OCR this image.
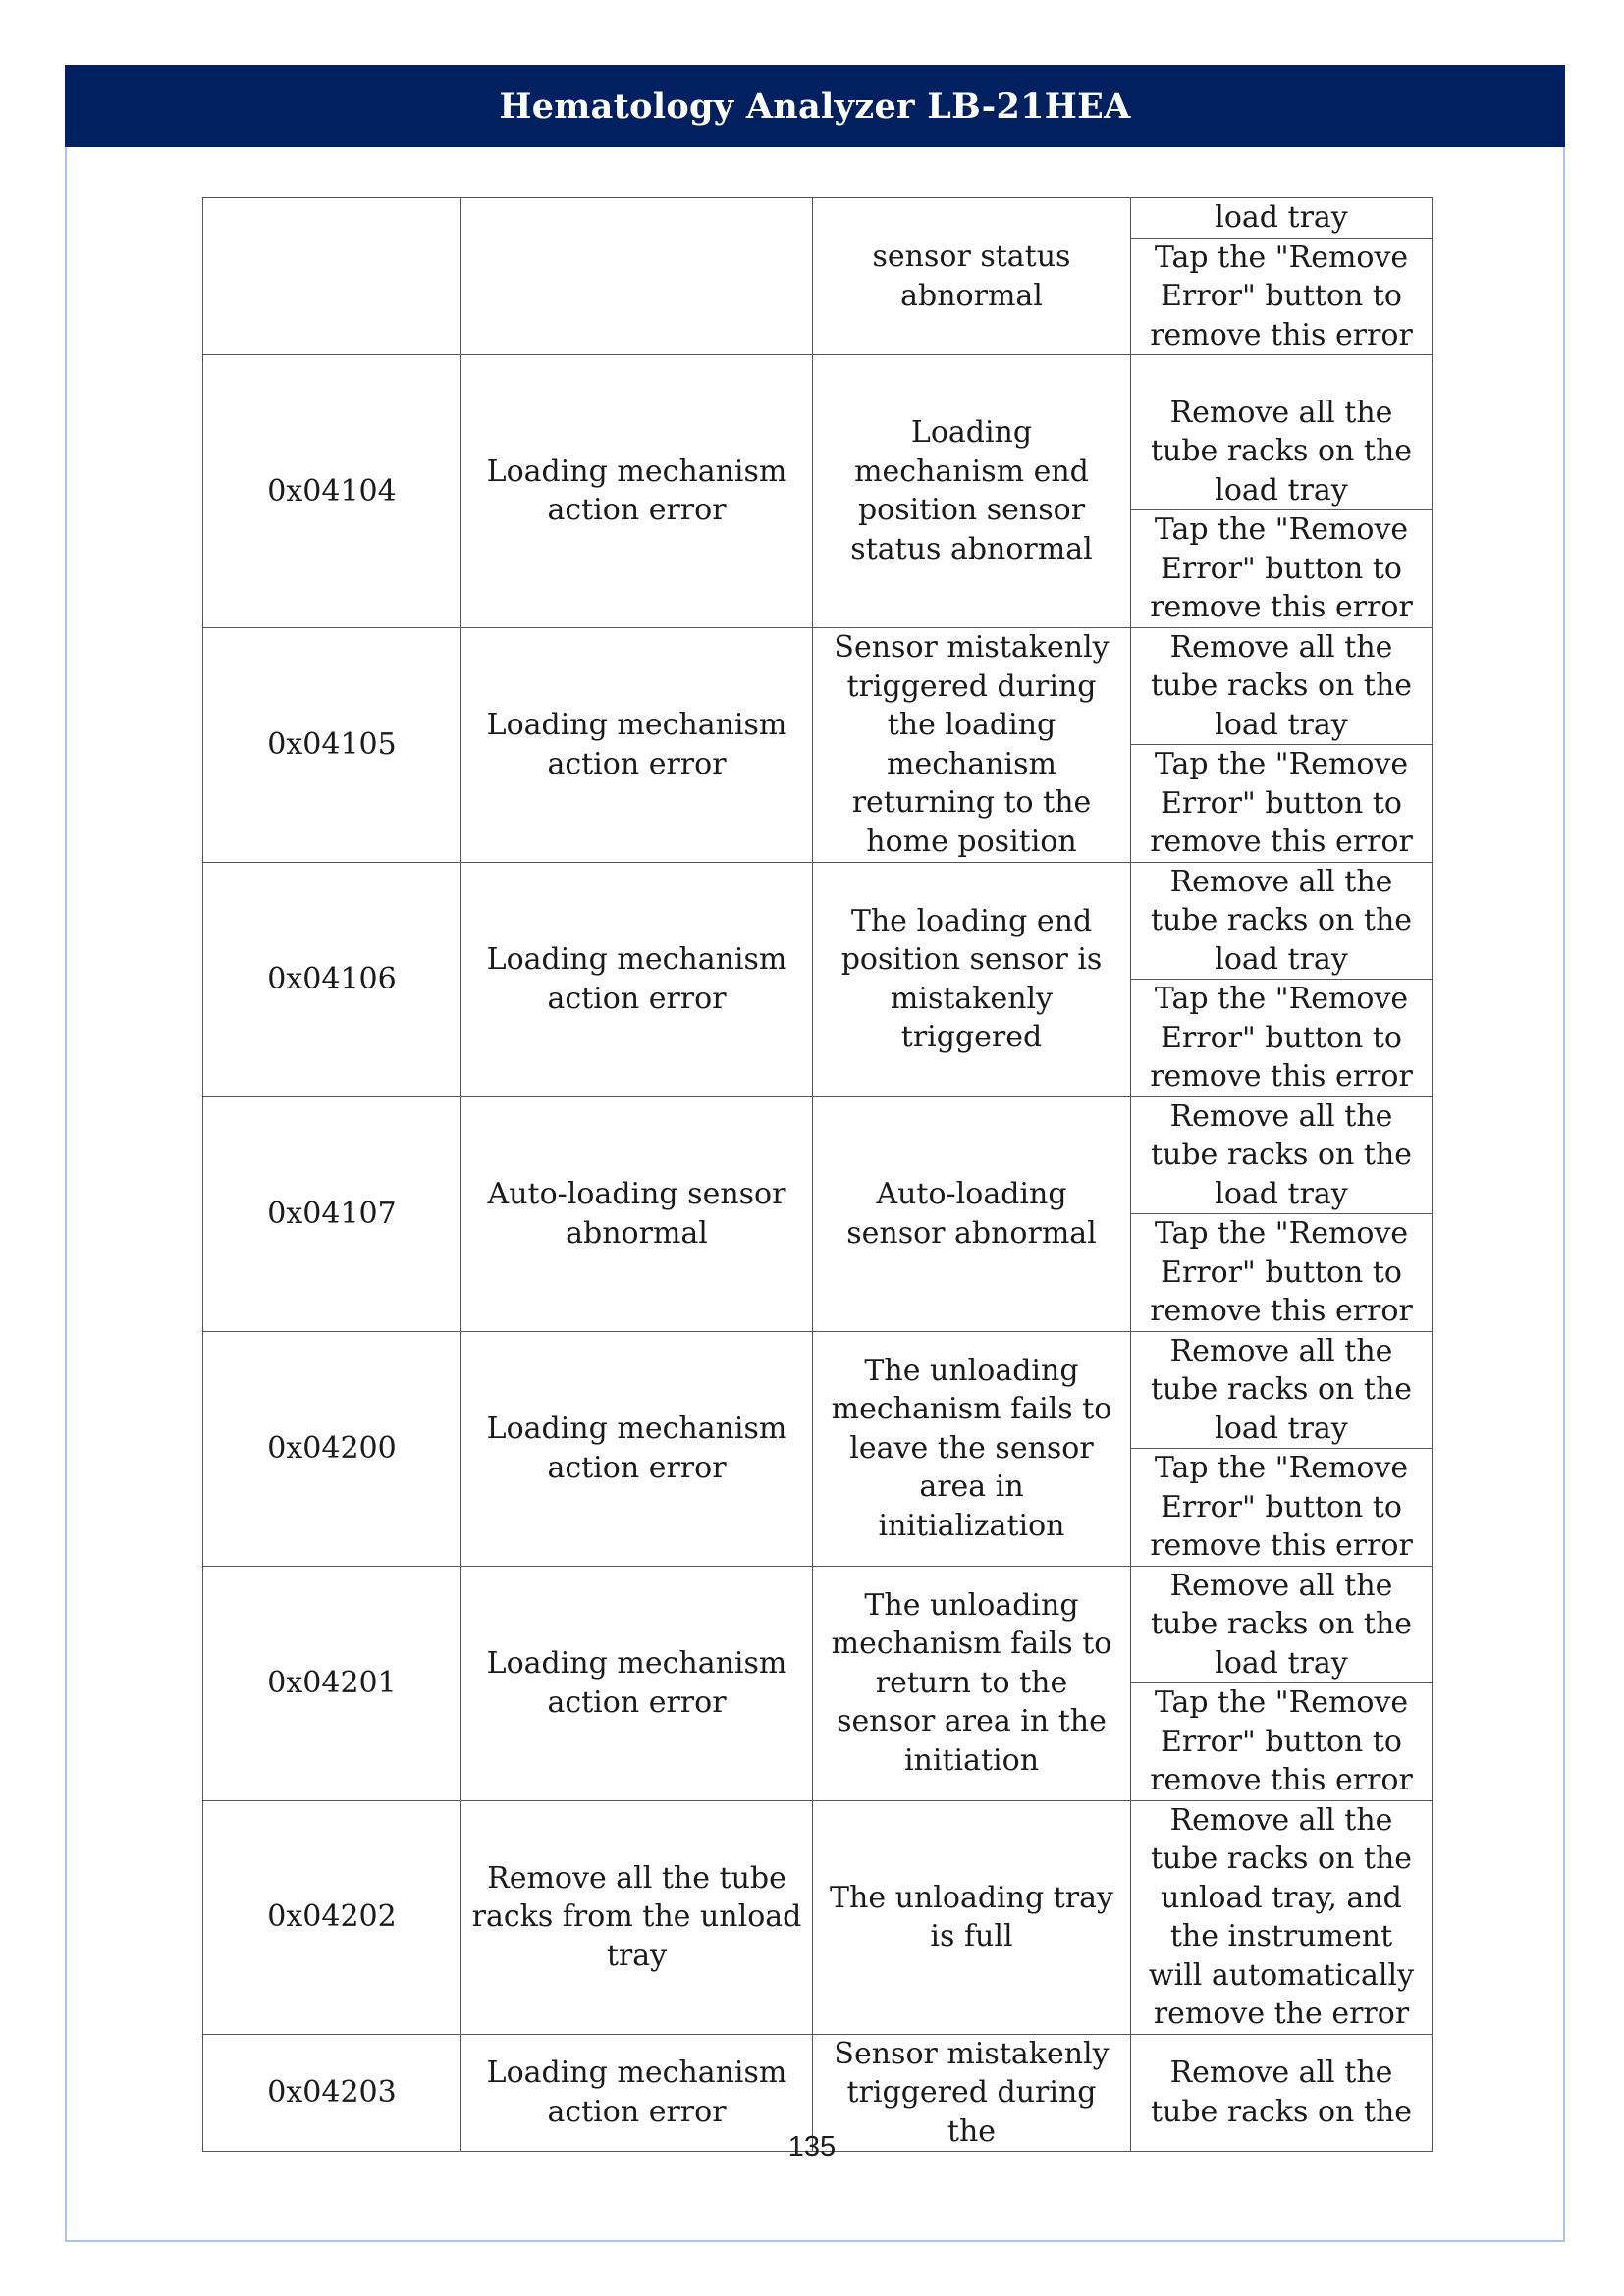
Hematology Analyzer LB-21HEA
		sensor status abnormal	load tray
			Tap the "Remove Error" button to remove this error
0x04104	Loading mechanism action error	Loading mechanism end position sensor status abnormal	Remove all the tube racks on the load tray
			Tap the "Remove Error" button to remove this error
0x04105	Loading mechanism action error	Sensor mistakenly triggered during the loading mechanism returning to the home position	Remove all the tube racks on the load tray
			Tap the "Remove Error" button to remove this error
0x04106	Loading mechanism action error	The loading end position sensor is mistakenly triggered	Remove all the tube racks on the load tray
			Tap the "Remove Error" button to remove this error
0x04107	Auto-loading sensor abnormal	Auto-loading sensor abnormal	Remove all the tube racks on the load tray
			Tap the "Remove Error" button to remove this error
0x04200	Loading mechanism action error	The unloading mechanism fails to leave the sensor area in initialization	Remove all the tube racks on the load tray
			Tap the "Remove Error" button to remove this error
0x04201	Loading mechanism action error	The unloading mechanism fails to return to the sensor area in the initiation	Remove all the tube racks on the load tray
			Tap the "Remove Error" button to remove this error
0x04202	Remove all the tube racks from the unload tray	The unloading tray is full	Remove all the tube racks on the unload tray, and the instrument will automatically remove the error
0x04203	Loading mechanism action error	Sensor mistakenly triggered during the	Remove all the tube racks on the
135
